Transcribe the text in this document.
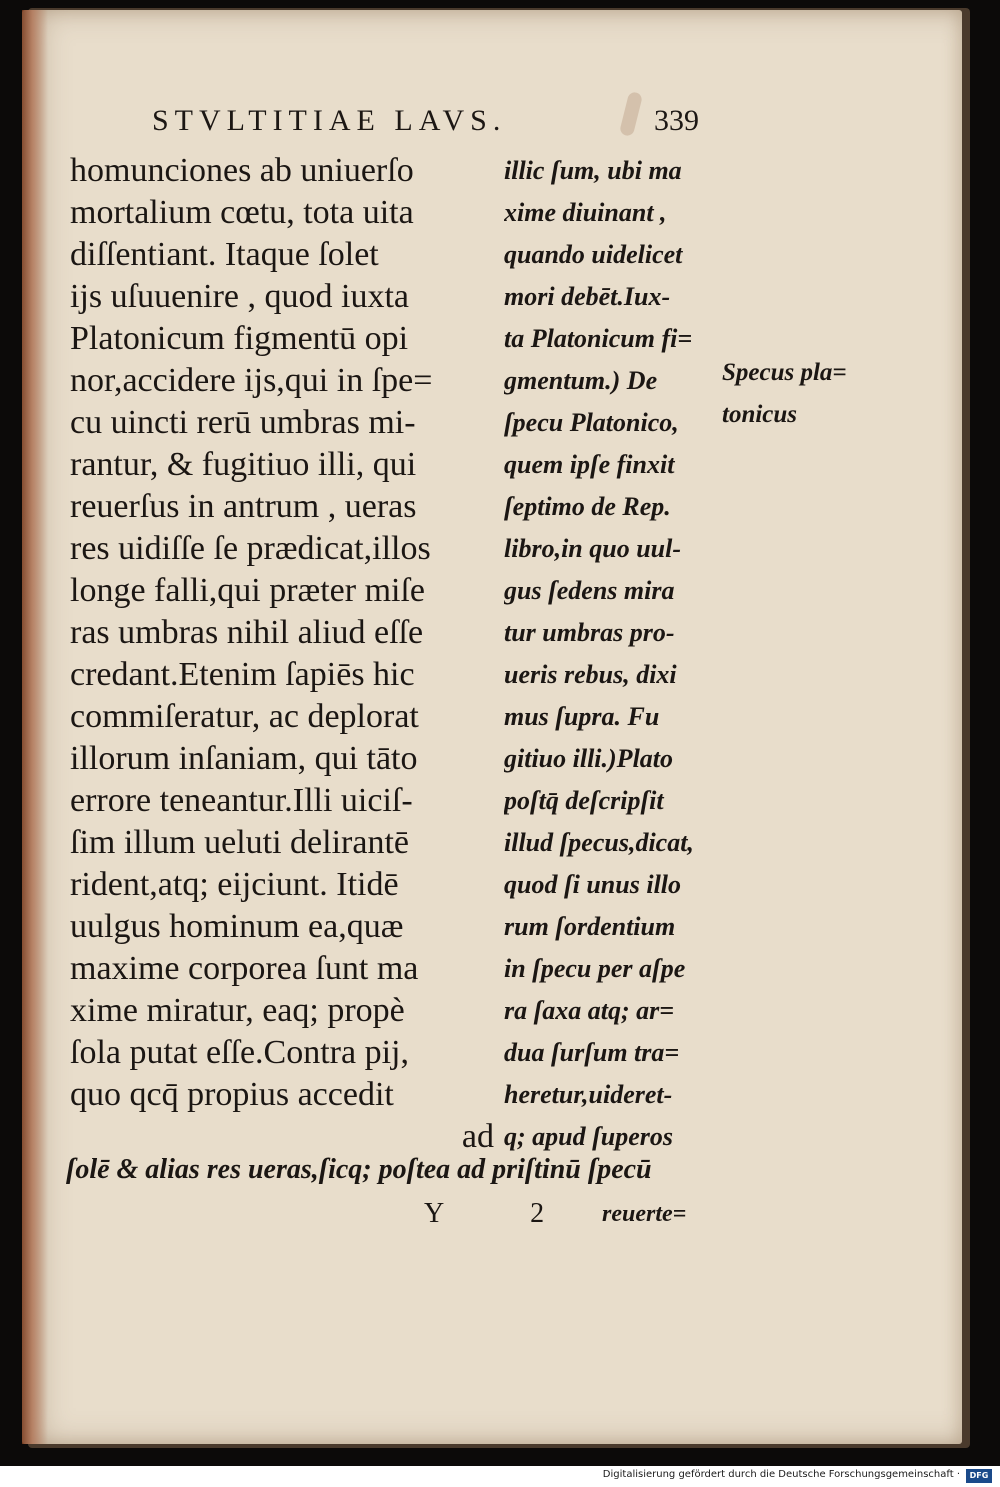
STVLTITIAE LAVS.	339
homunciones ab uniuerſo
mortalium cœtu, tota uita
diſſentiant. Itaque ſolet
ijs uſuuenire , quod iuxta
Platonicum figmentū opi
nor,accidere ijs,qui in ſpe=
cu uincti rerū umbras mi-
rantur, & fugitiuo illi, qui
reuerſus in antrum , ueras
res uidiſſe ſe prædicat,illos
longe falli,qui præter miſe
ras umbras nihil aliud eſſe
credant.Etenim ſapiēs hic
commiſeratur, ac deplorat
illorum inſaniam, qui tāto
errore teneantur.Illi uiciſ-
ſim illum ueluti delirantē
rident,atq; eijciunt. Itidē
uulgus hominum ea,quæ
maxime corporea ſunt ma
xime miratur, eaq; propè
ſola putat eſſe.Contra pij,
quo qcq̄ propius accedit
ad
illic ſum, ubi ma
xime diuinant ,
quando uidelicet
mori debēt.Iux-
ta Platonicum fi=
gmentum.) De
ſpecu Platonico,
quem ipſe finxit
ſeptimo de Rep.
libro,in quo uul-
gus ſedens mira
tur umbras pro-
ueris rebus, dixi
mus ſupra. Fu
gitiuo illi.)Plato
poſtq̄ deſcripſit
illud ſpecus,dicat,
quod ſi unus illo
rum ſordentium
in ſpecu per aſpe
ra ſaxa atq; ar=
dua ſurſum tra=
heretur,uideret-
q; apud ſuperos
Specus pla=
tonicus
ſolē & alias res ueras,ſicq; poſtea ad priſtinū ſpecū
Y 2 reuerte=
Digitalisierung gefördert durch die Deutsche Forschungsgemeinschaft ·	DFG
